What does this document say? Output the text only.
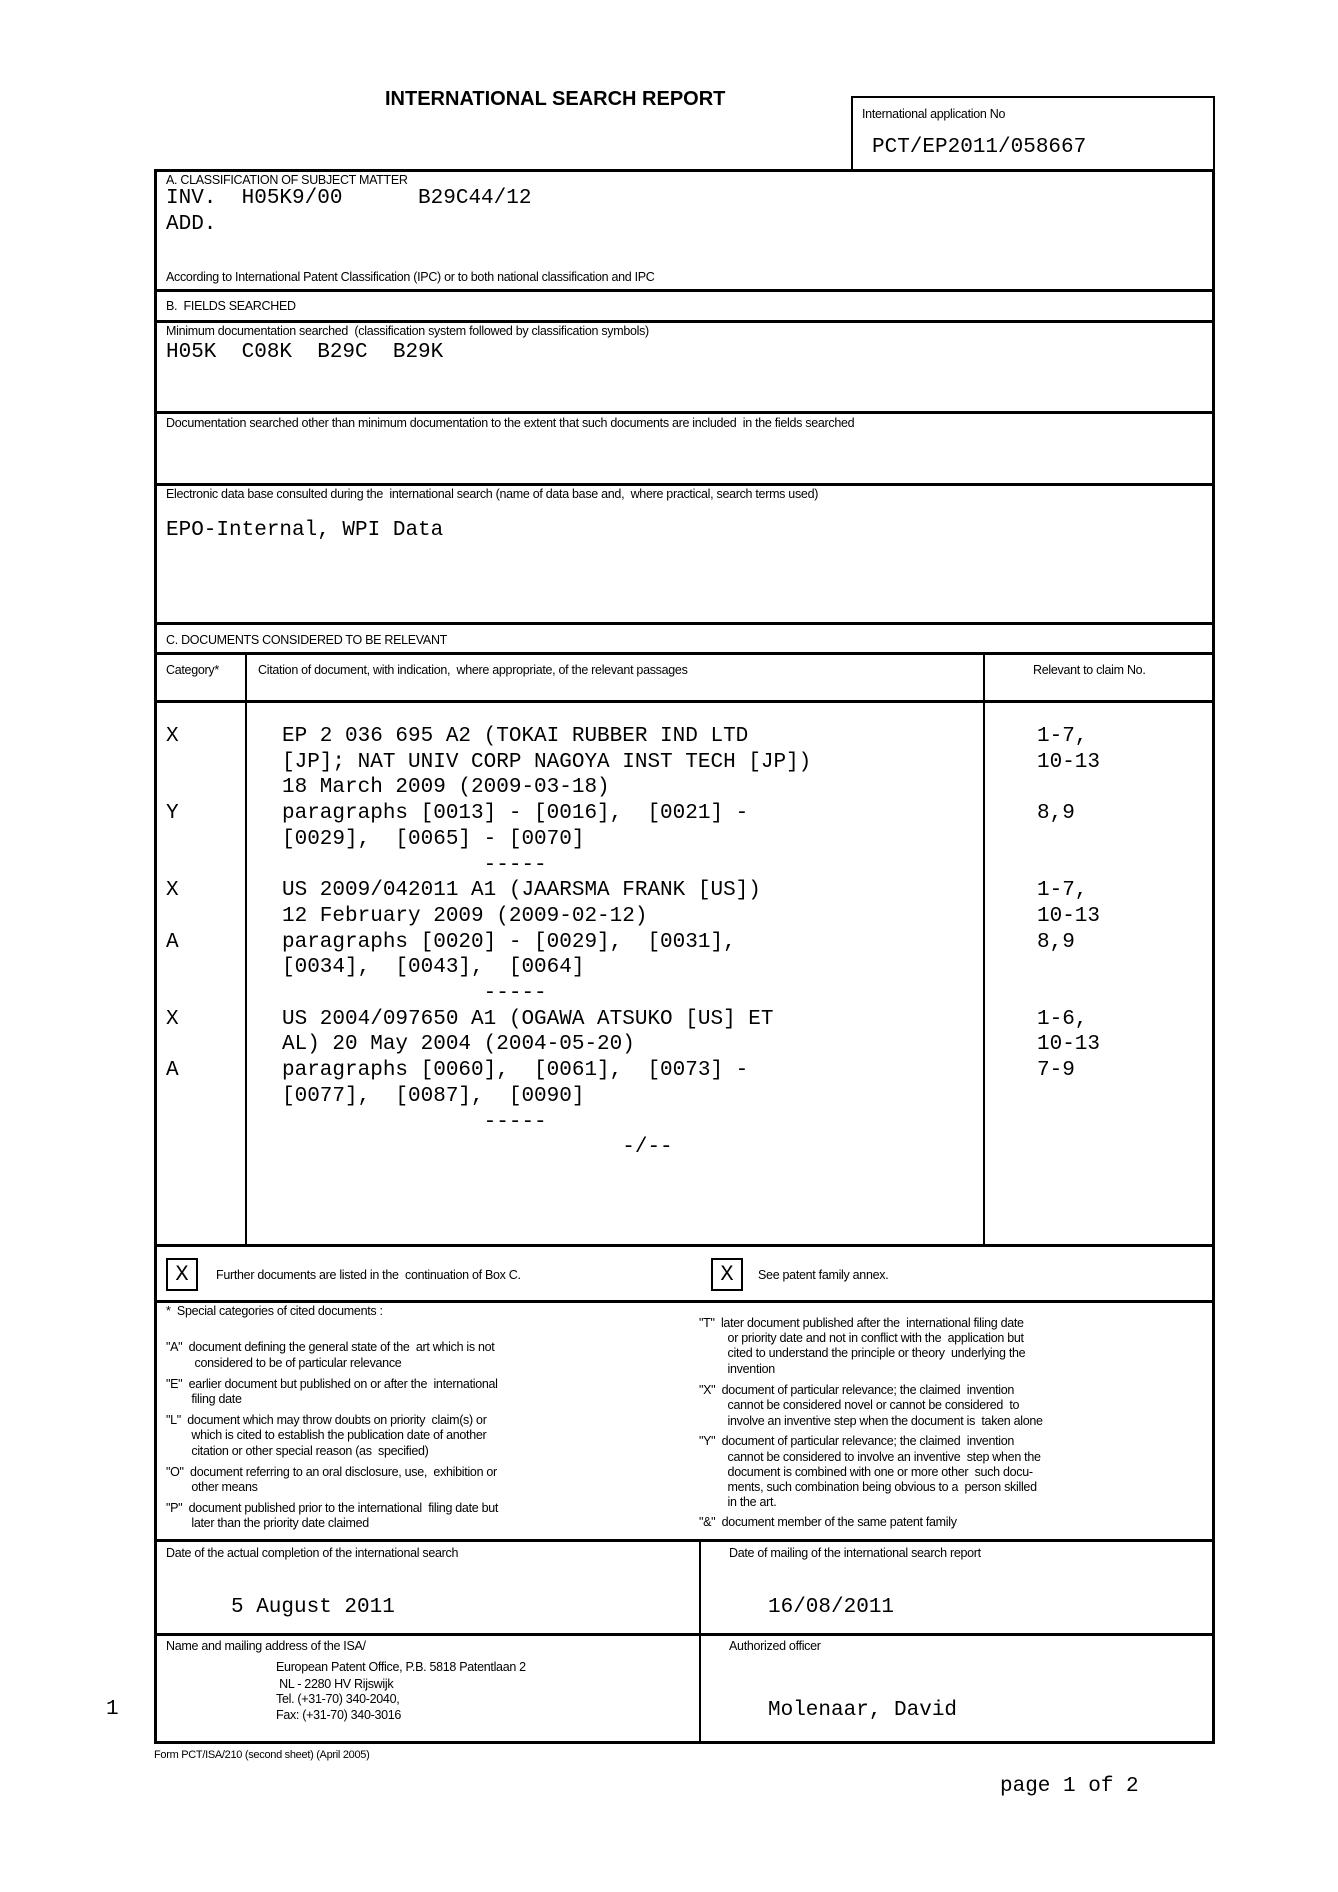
INTERNATIONAL SEARCH REPORT
International application No
PCT/EP2011/058667
A. CLASSIFICATION OF SUBJECT MATTER
INV.  H05K9/00      B29C44/12
ADD.
According to International Patent Classification (IPC) or to both national classification and IPC
B.  FIELDS SEARCHED
Minimum documentation searched  (classification system followed by classification symbols)
H05K  C08K  B29C  B29K
Documentation searched other than minimum documentation to the extent that such documents are included  in the fields searched
Electronic data base consulted during the  international search (name of data base and,  where practical, search terms used)
EPO-Internal, WPI Data
C. DOCUMENTS CONSIDERED TO BE RELEVANT
Category*	Citation of document, with indication,  where appropriate, of the relevant passages	Relevant to claim No.
X	EP 2 036 695 A2 (TOKAI RUBBER IND LTD	1-7,
[JP]; NAT UNIV CORP NAGOYA INST TECH [JP])	10-13
18 March 2009 (2009-03-18)
Y	paragraphs [0013] - [0016],  [0021] -	8,9
[0029],  [0065] - [0070]
-----
X	US 2009/042011 A1 (JAARSMA FRANK [US])	1-7,
12 February 2009 (2009-02-12)	10-13
A	paragraphs [0020] - [0029],  [0031],	8,9
[0034],  [0043],  [0064]
-----
X	US 2004/097650 A1 (OGAWA ATSUKO [US] ET	1-6,
AL) 20 May 2004 (2004-05-20)	10-13
A	paragraphs [0060],  [0061],  [0073] -	7-9
[0077],  [0087],  [0090]
-----
-/--
X	Further documents are listed in the  continuation of Box C.	X	See patent family annex.
*  Special categories of cited documents :
"A"  document defining the general state of the  art which is not
considered to be of particular relevance
"E"  earlier document but published on or after the  international
filing date
"L"  document which may throw doubts on priority  claim(s) or
which is cited to establish the publication date of another
citation or other special reason (as  specified)
"O"  document referring to an oral disclosure, use,  exhibition or
other means
"P"  document published prior to the international  filing date but
later than the priority date claimed
"T"  later document published after the  international filing date
or priority date and not in conflict with the  application but
cited to understand the principle or theory  underlying the
invention
"X"  document of particular relevance; the claimed  invention
cannot be considered novel or cannot be considered  to
involve an inventive step when the document is  taken alone
"Y"  document of particular relevance; the claimed  invention
cannot be considered to involve an inventive  step when the
document is combined with one or more other  such docu-
ments, such combination being obvious to a  person skilled
in the art.
"&"  document member of the same patent family
Date of the actual completion of the international search
5 August 2011
Date of mailing of the international search report
16/08/2011
Name and mailing address of the ISA/
European Patent Office, P.B. 5818 Patentlaan 2
NL - 2280 HV Rijswijk
Tel. (+31-70) 340-2040,
Fax: (+31-70) 340-3016
Authorized officer
Molenaar, David
1
Form PCT/ISA/210 (second sheet) (April 2005)
page 1 of 2
